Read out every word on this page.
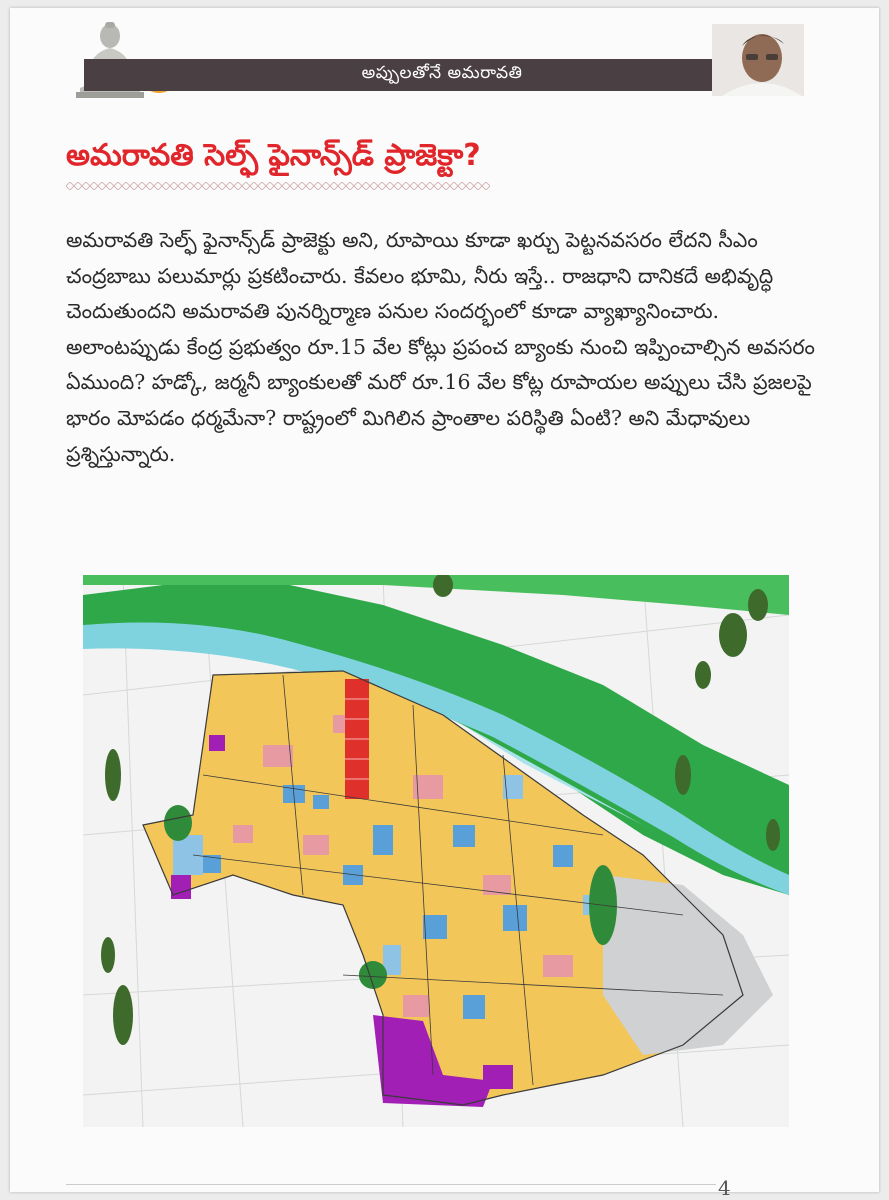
అప్పులతోనే అమరావతి
అమరావతి సెల్ఫ్ ఫైనాన్స్‌డ్ ప్రాజెక్టా?

అమరావతి సెల్ఫ్ ఫైనాన్స్‌డ్ ప్రాజెక్టు అని, రూపాయి కూడా ఖర్చు పెట్టనవసరం లేదని సీఎం చంద్రబాబు పలుమార్లు ప్రకటించారు. కేవలం భూమి, నీరు ఇస్తే.. రాజధాని దానికదే అభివృద్ధి చెందుతుందని అమరావతి పునర్నిర్మాణ పనుల సందర్భంలో కూడా వ్యాఖ్యానించారు. అలాంటప్పుడు కేంద్ర ప్రభుత్వం రూ.15 వేల కోట్లు ప్రపంచ బ్యాంకు నుంచి ఇప్పించాల్సిన అవసరం ఏముంది? హడ్కో, జర్మనీ బ్యాంకులతో మరో రూ.16 వేల కోట్ల రూపాయల అప్పులు చేసి ప్రజలపై భారం మోపడం ధర్మమేనా? రాష్ట్రంలో మిగిలిన ప్రాంతాల పరిస్థితి ఏంటి? అని మేధావులు ప్రశ్నిస్తున్నారు.

4
